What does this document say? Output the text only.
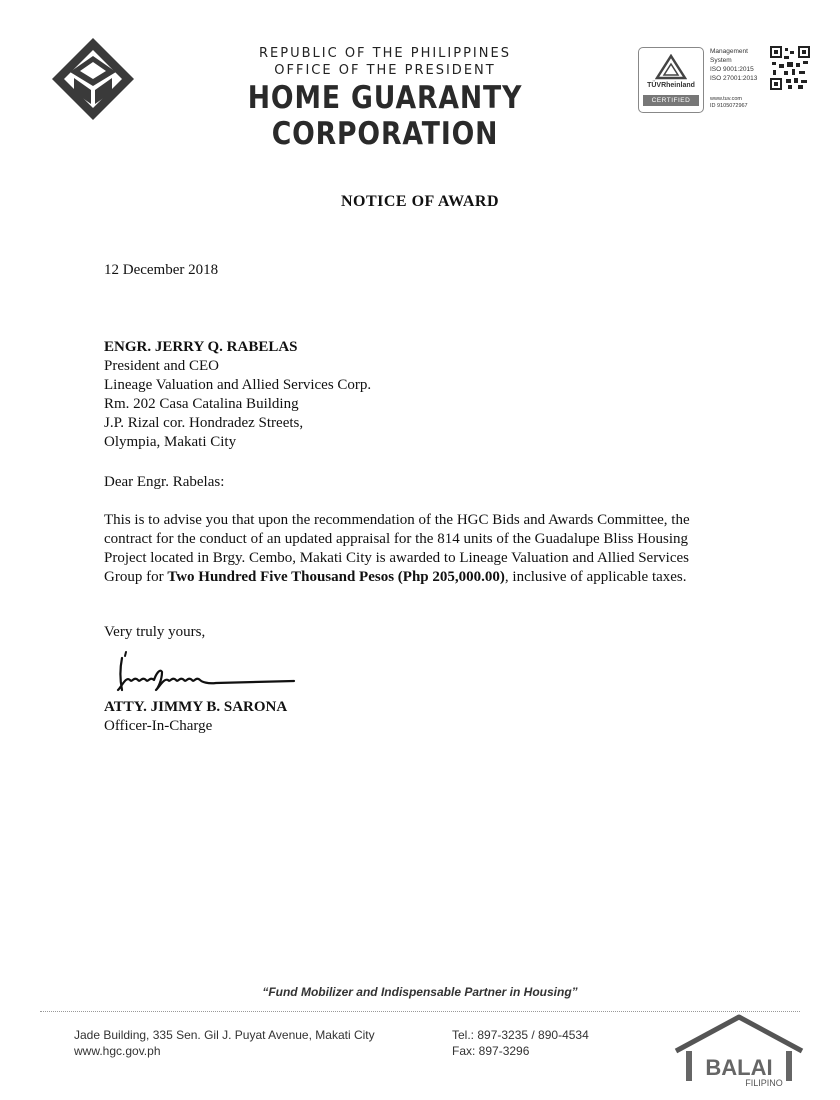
REPUBLIC OF THE PHILIPPINES
OFFICE OF THE PRESIDENT
HOME GUARANTY CORPORATION
TÜVRheinland
CERTIFIED
Management
System
ISO 9001:2015
ISO 27001:2013
www.tuv.com
ID 9105072967
NOTICE OF AWARD
12 December 2018
ENGR. JERRY Q. RABELAS
President and CEO
Lineage Valuation and Allied Services Corp.
Rm. 202 Casa Catalina Building
J.P. Rizal cor. Hondradez Streets,
Olympia, Makati City
Dear Engr. Rabelas:
This is to advise you that upon the recommendation of the HGC Bids and Awards Committee, the contract for the conduct of an updated appraisal for the 814 units of the Guadalupe Bliss Housing Project located in Brgy. Cembo, Makati City is awarded to Lineage Valuation and Allied Services Group for Two Hundred Five Thousand Pesos (Php 205,000.00), inclusive of applicable taxes.
Very truly yours,
ATTY. JIMMY B. SARONA
Officer-In-Charge
“Fund Mobilizer and Indispensable Partner in Housing”
Jade Building, 335 Sen. Gil J. Puyat Avenue, Makati City
www.hgc.gov.ph
Tel.: 897-3235 / 890-4534
Fax: 897-3296
BALAI
FILIPINO
